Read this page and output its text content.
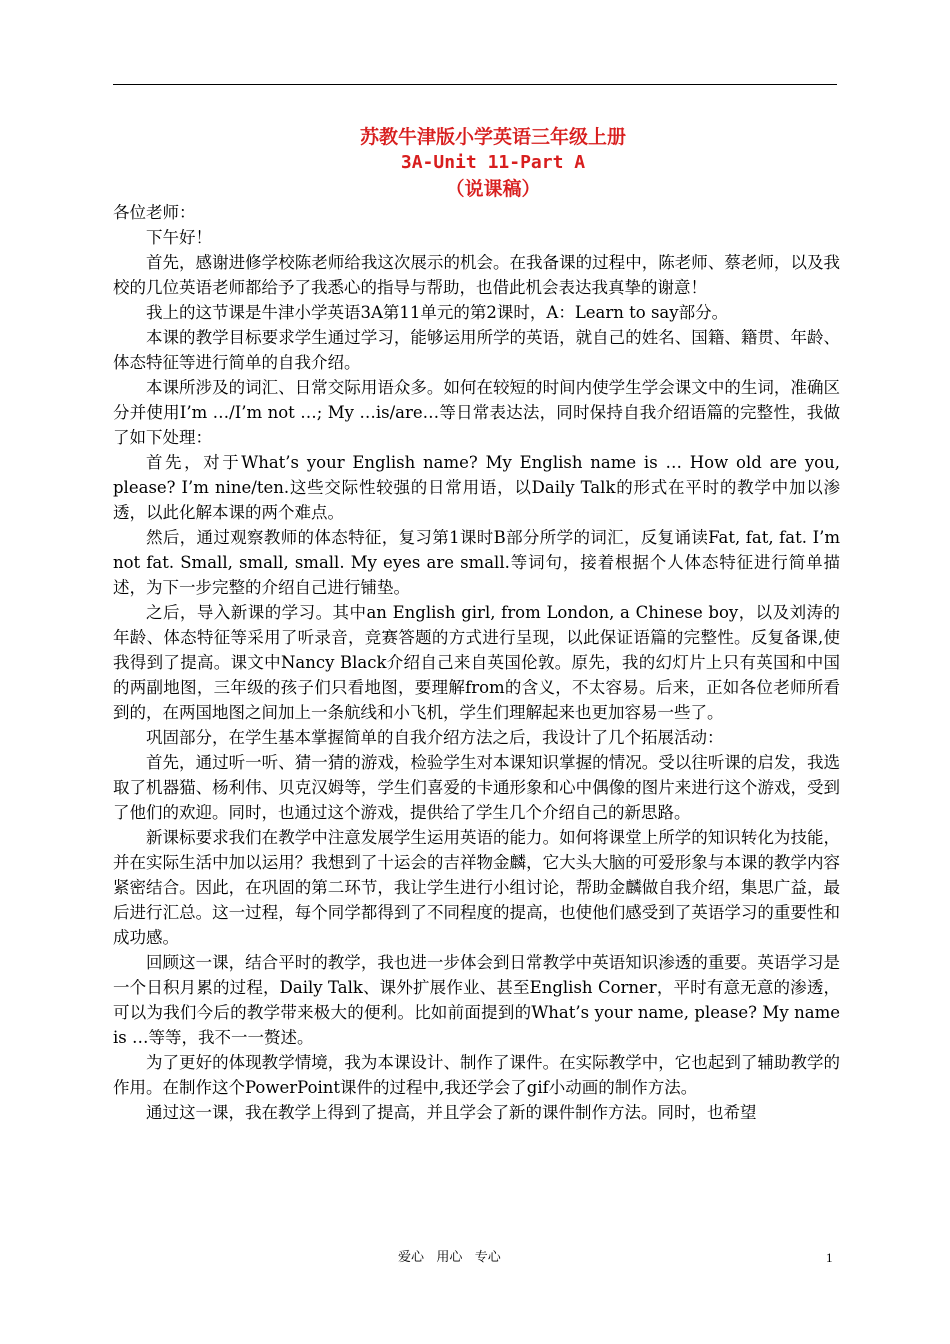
苏教牛津版小学英语三年级上册
3A-Unit 11-Part A
（说课稿）

各位老师：

下午好！

首先，感谢进修学校陈老师给我这次展示的机会。在我备课的过程中，陈老师、蔡老师，以及我校的几位英语老师都给予了我悉心的指导与帮助，也借此机会表达我真挚的谢意！

我上的这节课是牛津小学英语3A第11单元的第2课时，A：Learn to say部分。

本课的教学目标要求学生通过学习，能够运用所学的英语，就自己的姓名、国籍、籍贯、年龄、体态特征等进行简单的自我介绍。

本课所涉及的词汇、日常交际用语众多。如何在较短的时间内使学生学会课文中的生词，准确区分并使用I’m …/I’m not …; My …is/are…等日常表达法，同时保持自我介绍语篇的完整性，我做了如下处理：

首先，对于What’s your English name? My English name is … How old are you, please? I’m nine/ten.这些交际性较强的日常用语，以Daily Talk的形式在平时的教学中加以渗透，以此化解本课的两个难点。

然后，通过观察教师的体态特征，复习第1课时B部分所学的词汇，反复诵读Fat, fat, fat. I’m not fat. Small, small, small. My eyes are small.等词句，接着根据个人体态特征进行简单描述，为下一步完整的介绍自己进行铺垫。

之后，导入新课的学习。其中an English girl, from London, a Chinese boy，以及刘涛的年龄、体态特征等采用了听录音，竞赛答题的方式进行呈现，以此保证语篇的完整性。反复备课,使我得到了提高。课文中Nancy Black介绍自己来自英国伦敦。原先，我的幻灯片上只有英国和中国的两副地图，三年级的孩子们只看地图，要理解from的含义，不太容易。后来，正如各位老师所看到的，在两国地图之间加上一条航线和小飞机，学生们理解起来也更加容易一些了。

巩固部分，在学生基本掌握简单的自我介绍方法之后，我设计了几个拓展活动：

首先，通过听一听、猜一猜的游戏，检验学生对本课知识掌握的情况。受以往听课的启发，我选取了机器猫、杨利伟、贝克汉姆等，学生们喜爱的卡通形象和心中偶像的图片来进行这个游戏，受到了他们的欢迎。同时，也通过这个游戏，提供给了学生几个介绍自己的新思路。

新课标要求我们在教学中注意发展学生运用英语的能力。如何将课堂上所学的知识转化为技能，并在实际生活中加以运用？我想到了十运会的吉祥物金麟，它大头大脑的可爱形象与本课的教学内容紧密结合。因此，在巩固的第二环节，我让学生进行小组讨论，帮助金麟做自我介绍，集思广益，最后进行汇总。这一过程，每个同学都得到了不同程度的提高，也使他们感受到了英语学习的重要性和成功感。

回顾这一课，结合平时的教学，我也进一步体会到日常教学中英语知识渗透的重要。英语学习是一个日积月累的过程，Daily Talk、课外扩展作业、甚至English Corner，平时有意无意的渗透，可以为我们今后的教学带来极大的便利。比如前面提到的What’s your name, please? My name is …等等，我不一一赘述。

为了更好的体现教学情境，我为本课设计、制作了课件。在实际教学中，它也起到了辅助教学的作用。在制作这个PowerPoint课件的过程中,我还学会了gif小动画的制作方法。

通过这一课，我在教学上得到了提高，并且学会了新的课件制作方法。同时，也希望

爱心   用心   专心	1
